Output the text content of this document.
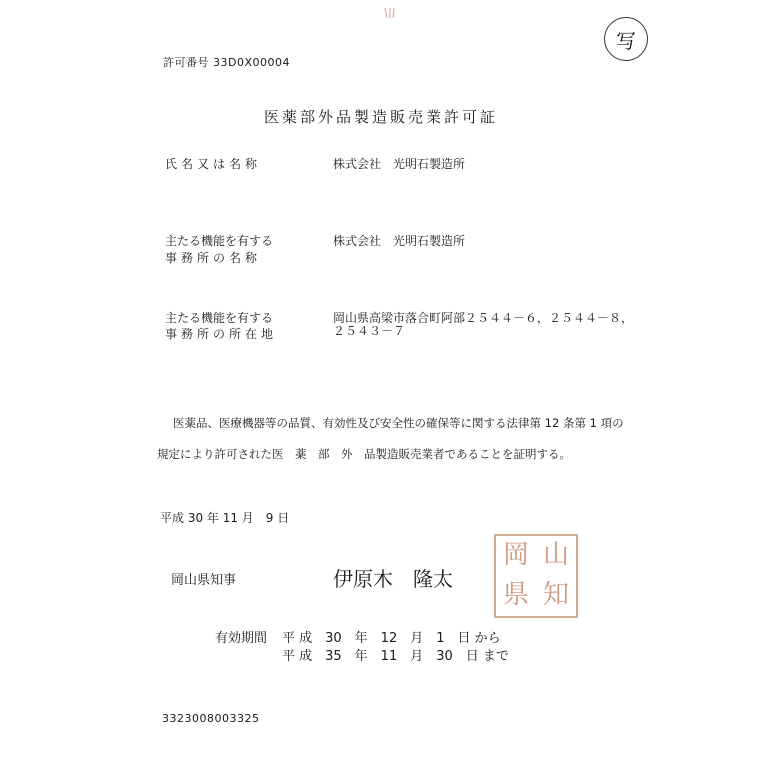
写
許可番号 33D0X00004
医薬部外品製造販売業許可証
氏名又は名称	株式会社　光明石製造所
主たる機能を有する
事務所の名称
株式会社　光明石製造所
主たる機能を有する
事務所の所在地
岡山県高梁市落合町阿部２５４４－６，２５４４－８，
２５４３－７
医薬品、医療機器等の品質、有効性及び安全性の確保等に関する法律第 12 条第 1 項の
規定により許可された医　薬　部　外　品製造販売業者であることを証明する。
平成 30 年 11 月　9 日
岡山県知事	伊原木　隆太
岡 山
県 知
有効期間 平 成　30　年　12　月　1　日 から
平 成　35　年　11　月　30　日 まで
3323008003325
